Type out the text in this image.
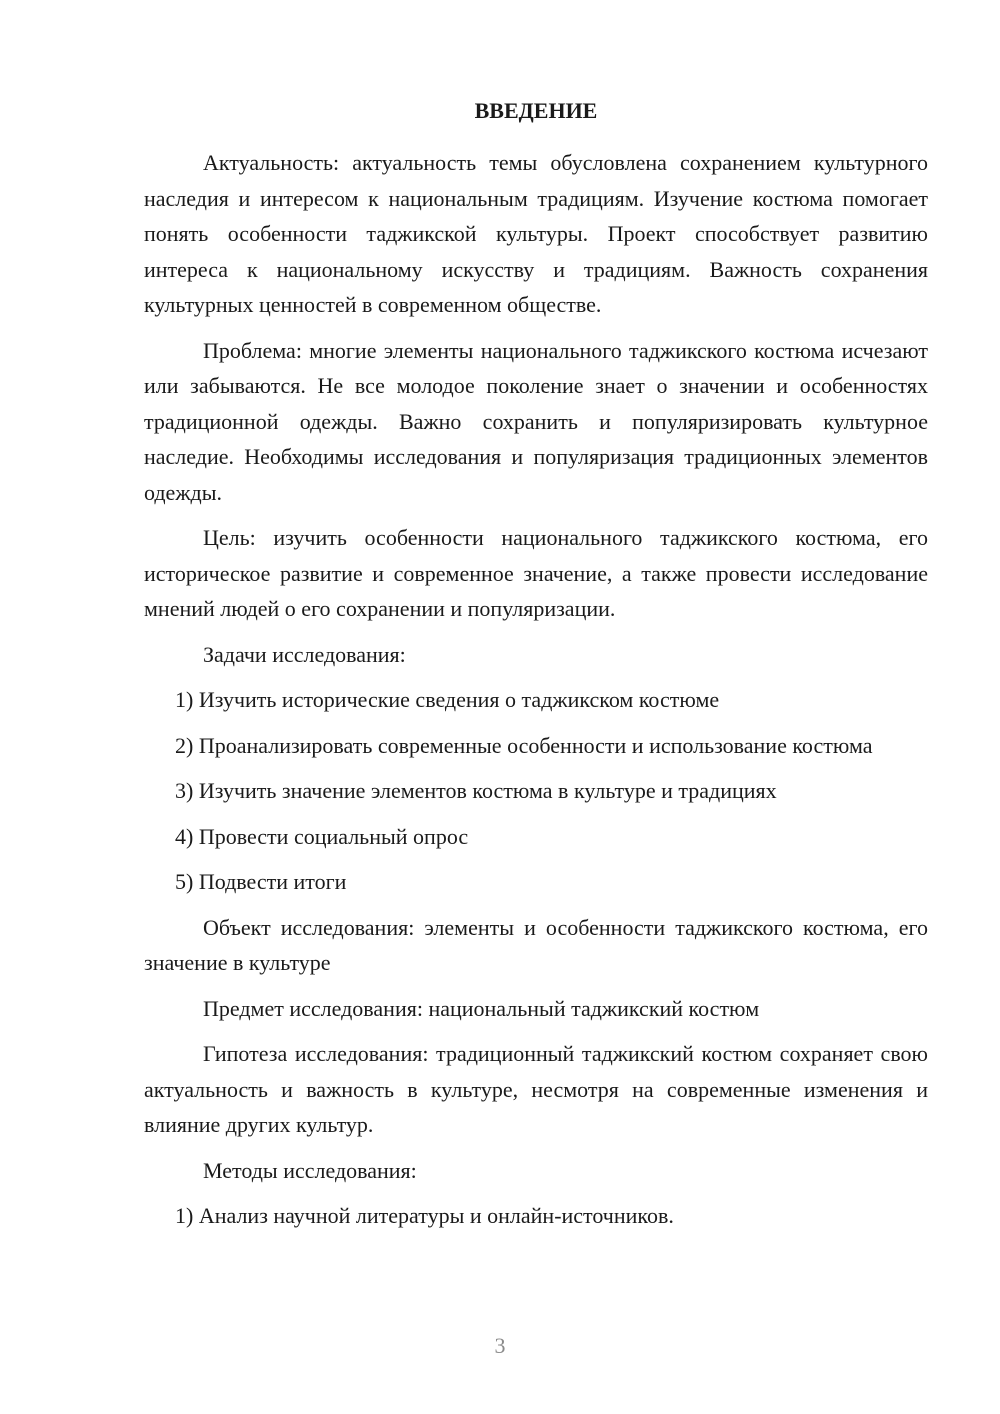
ВВЕДЕНИЕ
Актуальность: актуальность темы обусловлена сохранением культурного наследия и интересом к национальным традициям. Изучение костюма помогает понять особенности таджикской культуры. Проект способствует развитию интереса к национальному искусству и традициям. Важность сохранения культурных ценностей в современном обществе.
Проблема: многие элементы национального таджикского костюма исчезают или забываются. Не все молодое поколение знает о значении и особенностях традиционной одежды. Важно сохранить и популяризировать культурное наследие. Необходимы исследования и популяризация традиционных элементов одежды.
Цель: изучить особенности национального таджикского костюма, его историческое развитие и современное значение, а также провести исследование мнений людей о его сохранении и популяризации.
Задачи исследования:
1) Изучить исторические сведения о таджикском костюме
2) Проанализировать современные особенности и использование костюма
3) Изучить значение элементов костюма в культуре и традициях
4) Провести социальный опрос
5) Подвести итоги
Объект исследования: элементы и особенности таджикского костюма, его значение в культуре
Предмет исследования: национальный таджикский костюм
Гипотеза исследования: традиционный таджикский костюм сохраняет свою актуальность и важность в культуре, несмотря на современные изменения и влияние других культур.
Методы исследования:
1) Анализ научной литературы и онлайн-источников.
3
